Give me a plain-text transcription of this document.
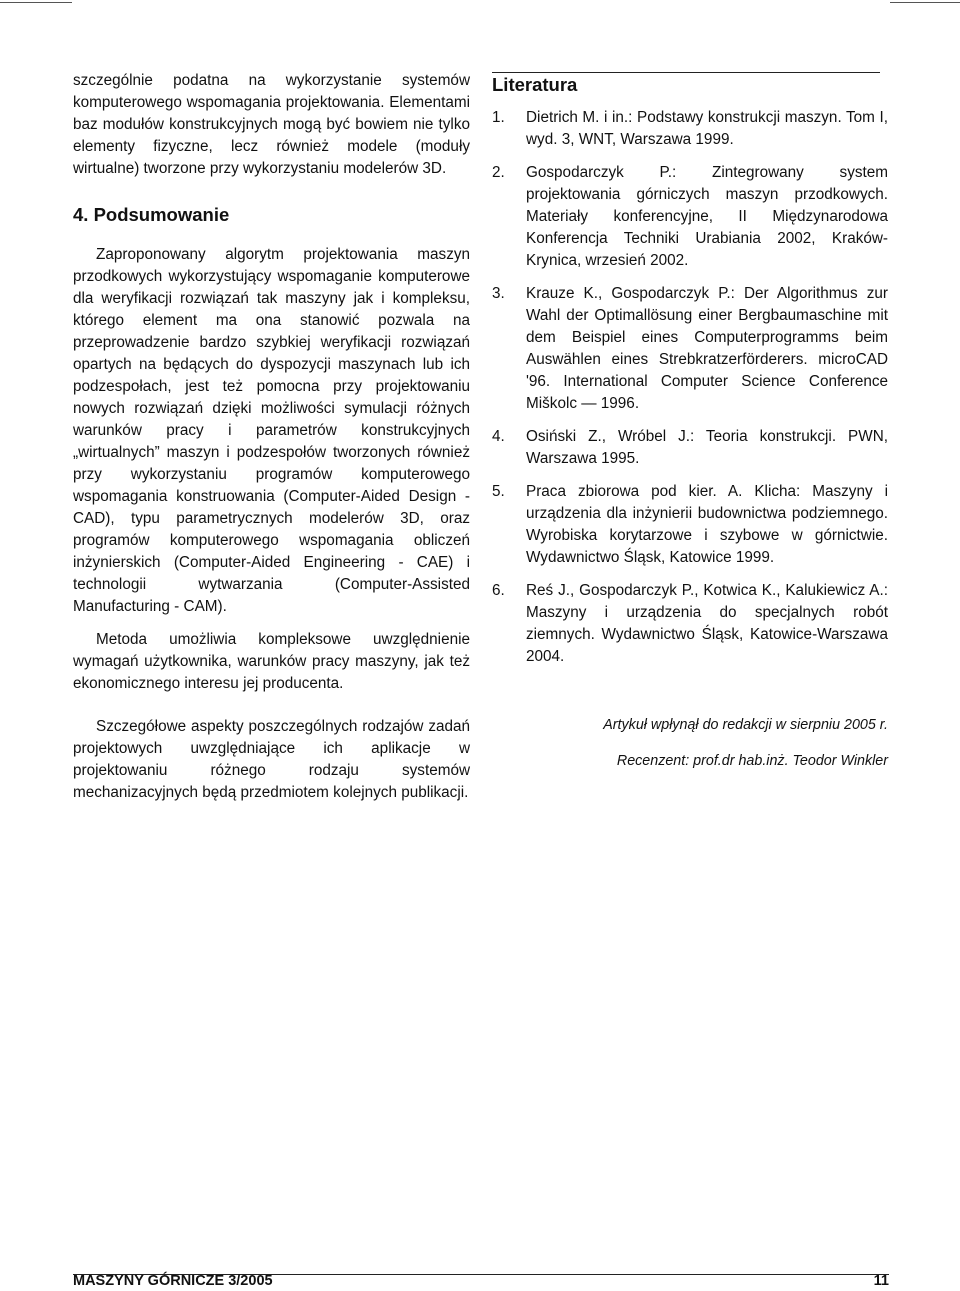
szczególnie podatna na wykorzystanie systemów komputerowego wspomagania projektowania. Elementami baz modułów konstrukcyjnych mogą być bowiem nie tylko elementy fizyczne, lecz również modele (moduły wirtualne) tworzone przy wykorzystaniu modelerów 3D.

4. Podsumowanie

Zaproponowany algorytm projektowania maszyn przodkowych wykorzystujący wspomaganie komputerowe dla weryfikacji rozwiązań tak maszyny jak i kompleksu, którego element ma ona stanowić pozwala na przeprowadzenie bardzo szybkiej weryfikacji rozwiązań opartych na będących do dyspozycji maszynach lub ich podzespołach, jest też pomocna przy projektowaniu nowych rozwiązań dzięki możliwości symulacji różnych warunków pracy i parametrów konstrukcyjnych „wirtualnych” maszyn i podzespołów tworzonych również przy wykorzystaniu programów komputerowego wspomagania konstruowania (Computer-Aided Design - CAD), typu parametrycznych modelerów 3D, oraz programów komputerowego wspomagania obliczeń inżynierskich (Computer-Aided Engineering - CAE) i technologii wytwarzania (Computer-Assisted Manufacturing - CAM).

Metoda umożliwia kompleksowe uwzględnienie wymagań użytkownika, warunków pracy maszyny, jak też ekonomicznego interesu jej producenta.

Szczegółowe aspekty poszczególnych rodzajów zadań projektowych uwzględniające ich aplikacje w projektowaniu różnego rodzaju systemów mechanizacyjnych będą przedmiotem kolejnych publikacji.

Literatura
1. Dietrich M. i in.: Podstawy konstrukcji maszyn. Tom I, wyd. 3, WNT, Warszawa 1999.
2. Gospodarczyk P.: Zintegrowany system projektowania górniczych maszyn przodkowych. Materiały konferencyjne, II Międzynarodowa Konferencja Techniki Urabiania 2002, Kraków-Krynica, wrzesień 2002.
3. Krauze K., Gospodarczyk P.: Der Algorithmus zur Wahl der Optimallösung einer Bergbaumaschine mit dem Beispiel eines Computerprogramms beim Auswählen eines Strebkratzerförderers. microCAD '96. International Computer Science Conference Miškolc — 1996.
4. Osiński Z., Wróbel J.: Teoria konstrukcji. PWN, Warszawa 1995.
5. Praca zbiorowa pod kier. A. Klicha: Maszyny i urządzenia dla inżynierii budownictwa podziemnego. Wyrobiska korytarzowe i szybowe w górnictwie. Wydawnictwo Śląsk, Katowice 1999.
6. Reś J., Gospodarczyk P., Kotwica K., Kalukiewicz A.: Maszyny i urządzenia do specjalnych robót ziemnych. Wydawnictwo Śląsk, Katowice-Warszawa 2004.

Artykuł wpłynął do redakcji w sierpniu 2005 r.

Recenzent: prof.dr hab.inż. Teodor Winkler

MASZYNY GÓRNICZE 3/2005	11
